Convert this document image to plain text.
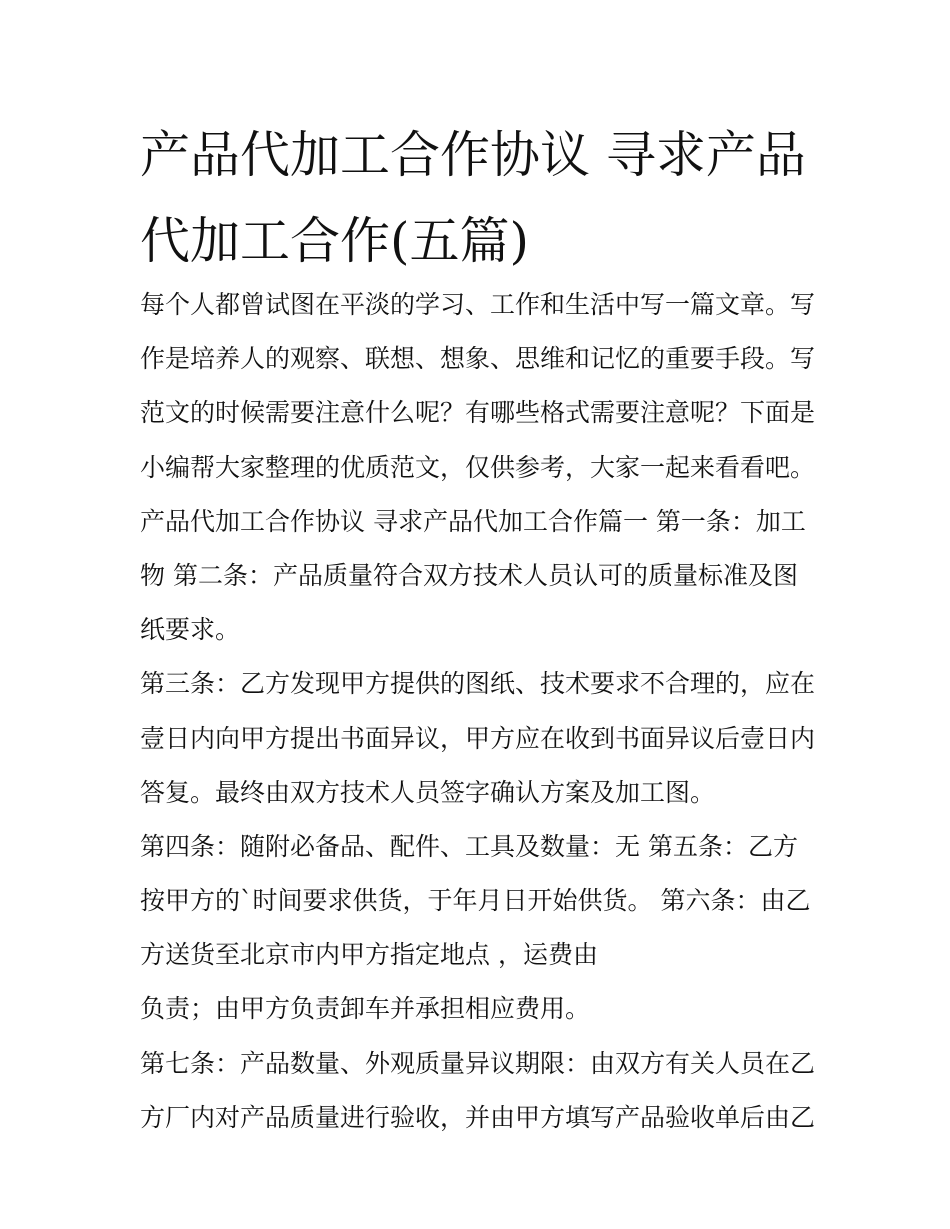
产品代加工合作协议 寻求产品
代加工合作(五篇)
每个人都曾试图在平淡的学习、工作和生活中写一篇文章。写
作是培养人的观察、联想、想象、思维和记忆的重要手段。写
范文的时候需要注意什么呢？有哪些格式需要注意呢？下面是
小编帮大家整理的优质范文，仅供参考，大家一起来看看吧。
产品代加工合作协议 寻求产品代加工合作篇一 第一条：加工
物 第二条：产品质量符合双方技术人员认可的质量标准及图
纸要求。
第三条：乙方发现甲方提供的图纸、技术要求不合理的，应在
壹日内向甲方提出书面异议，甲方应在收到书面异议后壹日内
答复。最终由双方技术人员签字确认方案及加工图。
第四条：随附必备品、配件、工具及数量：无 第五条：乙方
按甲方的`时间要求供货，于年月日开始供货。 第六条：由乙
方送货至北京市内甲方指定地点 ，运费由
负责；由甲方负责卸车并承担相应费用。
第七条：产品数量、外观质量异议期限：由双方有关人员在乙
方厂内对产品质量进行验收，并由甲方填写产品验收单后由乙
